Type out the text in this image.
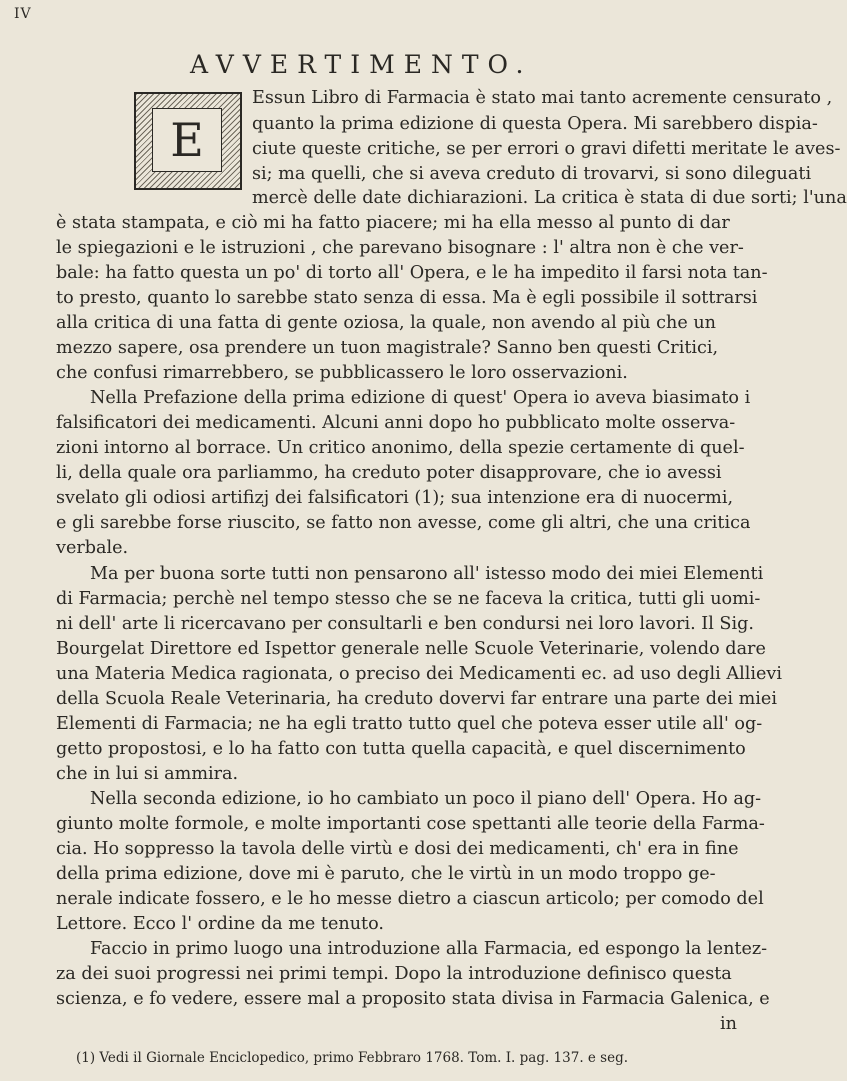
IV
AVVERTIMENTO.
E
Essun Libro di Farmacia è stato mai tanto acremente censurato ,
quanto la prima edizione di questa Opera. Mi sarebbero dispia-
ciute queste critiche, se per errori o gravi difetti meritate le aves-
si; ma quelli, che si aveva creduto di trovarvi, si sono dileguati
mercè delle date dichiarazioni. La critica è stata di due sorti; l'una
è stata stampata, e ciò mi ha fatto piacere; mi ha ella messo al punto di dar
le spiegazioni e le istruzioni , che parevano bisognare : l' altra non è che ver-
bale: ha fatto questa un po' di torto all' Opera, e le ha impedito il farsi nota tan-
to presto, quanto lo sarebbe stato senza di essa. Ma è egli possibile il sottrarsi
alla critica di una fatta di gente oziosa, la quale, non avendo al più che un
mezzo sapere, osa prendere un tuon magistrale? Sanno ben questi Critici,
che confusi rimarrebbero, se pubblicassero le loro osservazioni.
Nella Prefazione della prima edizione di quest' Opera io aveva biasimato i
falsificatori dei medicamenti. Alcuni anni dopo ho pubblicato molte osserva-
zioni intorno al borrace. Un critico anonimo, della spezie certamente di quel-
li, della quale ora parliammo, ha creduto poter disapprovare, che io avessi
svelato gli odiosi artifizj dei falsificatori (1); sua intenzione era di nuocermi,
e gli sarebbe forse riuscito, se fatto non avesse, come gli altri, che una critica
verbale.
Ma per buona sorte tutti non pensarono all' istesso modo dei miei Elementi
di Farmacia; perchè nel tempo stesso che se ne faceva la critica, tutti gli uomi-
ni dell' arte li ricercavano per consultarli e ben condursi nei loro lavori. Il Sig.
Bourgelat Direttore ed Ispettor generale nelle Scuole Veterinarie, volendo dare
una Materia Medica ragionata, o preciso dei Medicamenti ec. ad uso degli Allievi
della Scuola Reale Veterinaria, ha creduto dovervi far entrare una parte dei miei
Elementi di Farmacia; ne ha egli tratto tutto quel che poteva esser utile all' og-
getto propostosi, e lo ha fatto con tutta quella capacità, e quel discernimento
che in lui si ammira.
Nella seconda edizione, io ho cambiato un poco il piano dell' Opera. Ho ag-
giunto molte formole, e molte importanti cose spettanti alle teorie della Farma-
cia. Ho soppresso la tavola delle virtù e dosi dei medicamenti, ch' era in fine
della prima edizione, dove mi è paruto, che le virtù in un modo troppo ge-
nerale indicate fossero, e le ho messe dietro a ciascun articolo; per comodo del
Lettore. Ecco l' ordine da me tenuto.
Faccio in primo luogo una introduzione alla Farmacia, ed espongo la lentez-
za dei suoi progressi nei primi tempi. Dopo la introduzione definisco questa
scienza, e fo vedere, essere mal a proposito stata divisa in Farmacia Galenica, e
in
(1) Vedi il Giornale Enciclopedico, primo Febbraro 1768. Tom. I. pag. 137. e seg.
